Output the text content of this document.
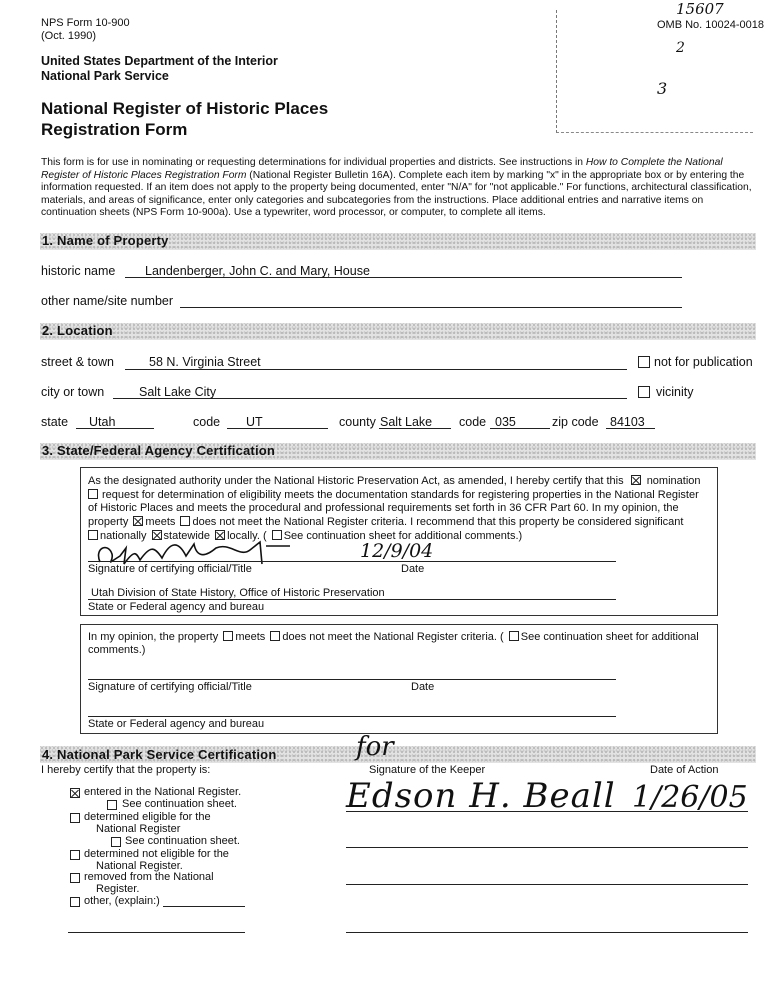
NPS Form 10-900
(Oct. 1990)
OMB No. 10024-0018
15607
2
3
United States Department of the Interior
National Park Service
National Register of Historic Places
Registration Form
This form is for use in nominating or requesting determinations for individual properties and districts. See instructions in How to Complete the National Register of Historic Places Registration Form (National Register Bulletin 16A). Complete each item by marking "x" in the appropriate box or by entering the information requested. If an item does not apply to the property being documented, enter "N/A" for "not applicable." For functions, architectural classification, materials, and areas of significance, enter only categories and subcategories from the instructions. Place additional entries and narrative items on continuation sheets (NPS Form 10-900a). Use a typewriter, word processor, or computer, to complete all items.
1. Name of Property
historic name Landenberger, John C. and Mary, House
other name/site number
2. Location
street & town	58 N. Virginia Street	not for publication
city or town	Salt Lake City	vicinity
state Utah	code UT	county Salt Lake code 035	zip code 84103
3. State/Federal Agency Certification
As the designated authority under the National Historic Preservation Act, as amended, I hereby certify that this nomination
request for determination of eligibility meets the documentation standards for registering properties in the National Register of Historic Places and meets the procedural and professional requirements set forth in 36 CFR Part 60. In my opinion, the property meets does not meet the National Register criteria. I recommend that this property be considered significant
nationally statewide locally. ( See continuation sheet for additional comments.)
12/9/04
Signature of certifying official/Title	Date
Utah Division of State History, Office of Historic Preservation
State or Federal agency and bureau
In my opinion, the property meets does not meet the National Register criteria. ( See continuation sheet for additional comments.)
Signature of certifying official/Title	Date
State or Federal agency and bureau
4. National Park Service Certification
I hereby certify that the property is:
for
Signature of the Keeper	Date of Action
Edson H. Beall 1/26/05
entered in the National Register.
See continuation sheet.
determined eligible for the
National Register
See continuation sheet.
determined not eligible for the
National Register.
removed from the National
Register.
other, (explain:)
